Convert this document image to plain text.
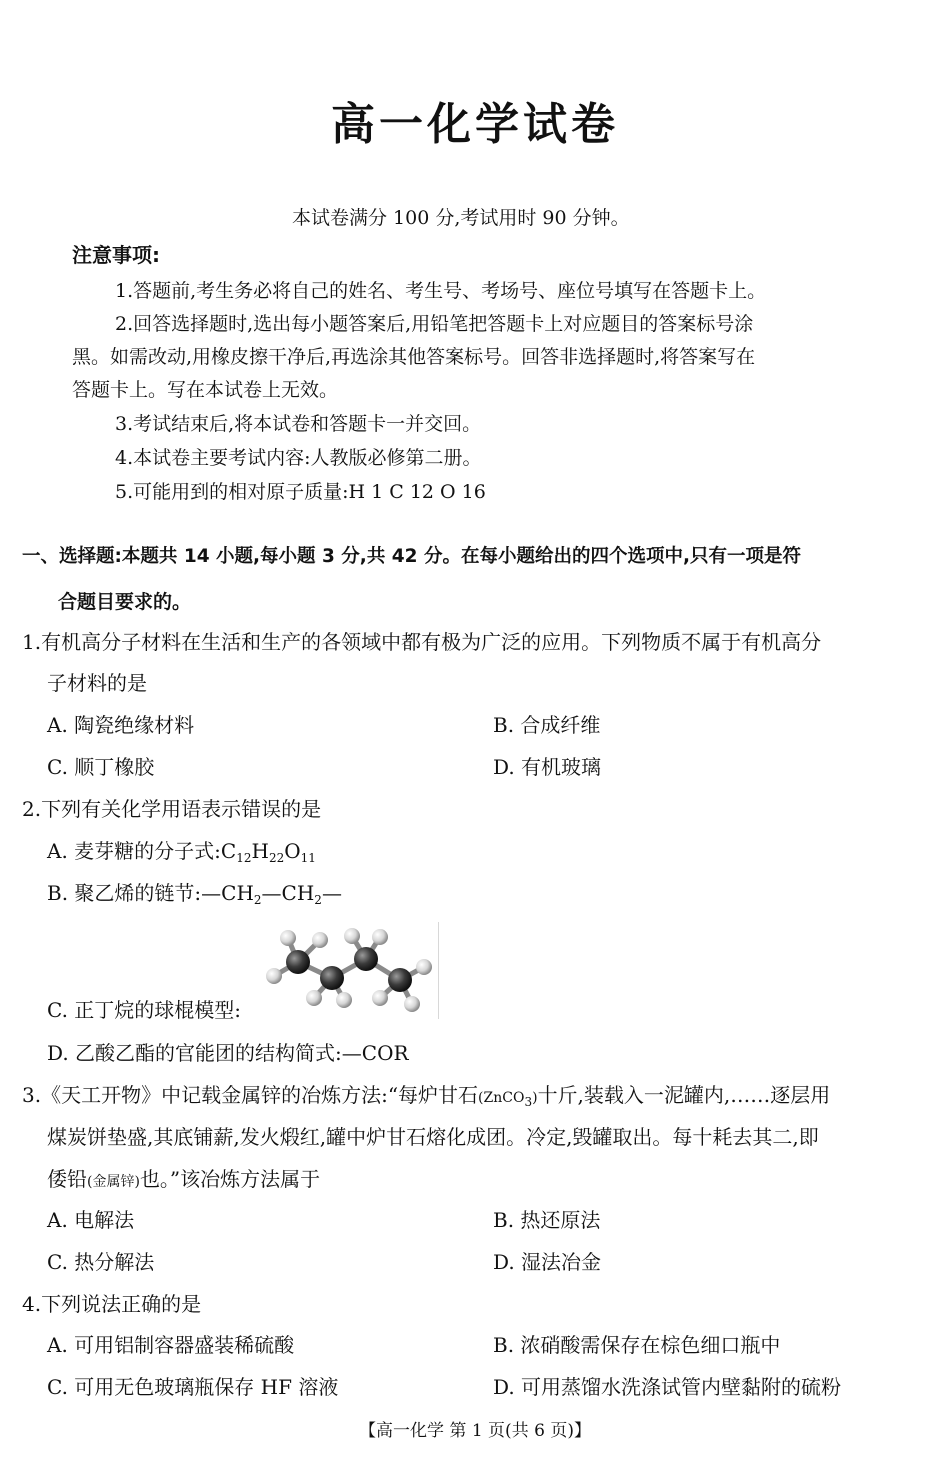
高一化学试卷
本试卷满分 100 分,考试用时 90 分钟。
注意事项:
1.答题前,考生务必将自己的姓名、考生号、考场号、座位号填写在答题卡上。
2.回答选择题时,选出每小题答案后,用铅笔把答题卡上对应题目的答案标号涂
黑。如需改动,用橡皮擦干净后,再选涂其他答案标号。回答非选择题时,将答案写在
答题卡上。写在本试卷上无效。
3.考试结束后,将本试卷和答题卡一并交回。
4.本试卷主要考试内容:人教版必修第二册。
5.可能用到的相对原子质量:H 1 C 12 O 16
一、选择题:本题共 14 小题,每小题 3 分,共 42 分。在每小题给出的四个选项中,只有一项是符
合题目要求的。
1.有机高分子材料在生活和生产的各领域中都有极为广泛的应用。下列物质不属于有机高分
子材料的是
A. 陶瓷绝缘材料	B. 合成纤维
C. 顺丁橡胶	D. 有机玻璃
2.下列有关化学用语表示错误的是
A. 麦芽糖的分子式$:C_{12}H_{22}O_{11}$
B. 聚乙烯的链节$:—CH_2—CH_2—$
C. 正丁烷的球棍模型:
D. 乙酸乙酯的官能团的结构简式:—COR
3.《天工开物》中记载金属锌的冶炼方法:“每炉甘石(ZnCO$_3$)十斤,装载入一泥罐内,……逐层用
煤炭饼垫盛,其底铺薪,发火煅红,罐中炉甘石熔化成团。冷定,毁罐取出。每十耗去其二,即
倭铅(金属锌)也。”该冶炼方法属于
A. 电解法	B. 热还原法
C. 热分解法	D. 湿法冶金
4.下列说法正确的是
A. 可用铝制容器盛装稀硫酸	B. 浓硝酸需保存在棕色细口瓶中
C. 可用无色玻璃瓶保存 HF 溶液	D. 可用蒸馏水洗涤试管内壁黏附的硫粉
【高一化学 第 1 页(共 6 页)】
